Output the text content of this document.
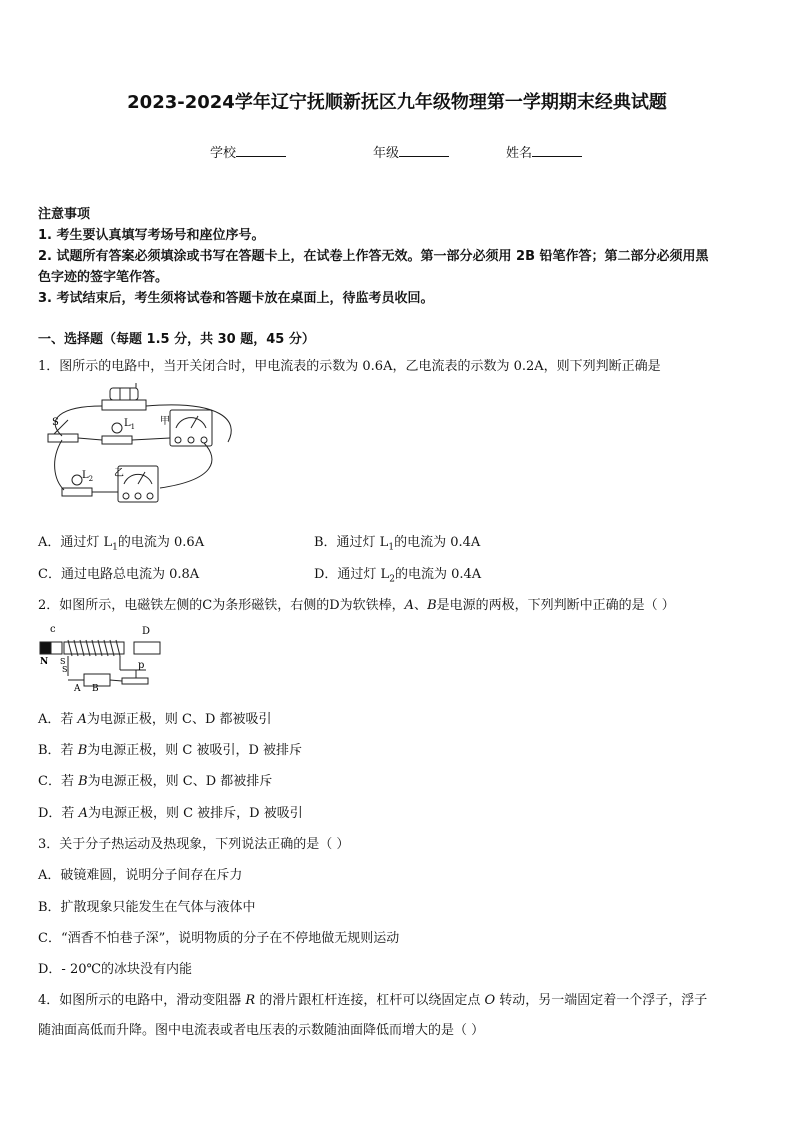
2023-2024学年辽宁抚顺新抚区九年级物理第一学期期末经典试题
学校	年级	姓名
注意事项
1. 考生要认真填写考场号和座位序号。
2. 试题所有答案必须填涂或书写在答题卡上，在试卷上作答无效。第一部分必须用 2B 铅笔作答；第二部分必须用黑
色字迹的签字笔作答。
3. 考试结束后，考生须将试卷和答题卡放在桌面上，待监考员收回。
一、选择题（每题 1.5 分，共 30 题，45 分）
1．图所示的电路中，当开关闭合时，甲电流表的示数为 0.6A，乙电流表的示数为 0.2A，则下列判断正确是
S	$L_1$
$L_2$
甲
乙
A．通过灯 $L_1$的电流为 0.6A	B．通过灯 $L_1$的电流为 0.4A
C．通过电路总电流为 0.8A	D．通过灯 $L_2$的电流为 0.4A
2．如图所示，电磁铁左侧的C为条形磁铁，右侧的D为软铁棒，A、B是电源的两极，下列判断中正确的是（ ）
c	D
N S
S	p
A B
A．若 A为电源正极，则 C、D 都被吸引
B．若 B为电源正极，则 C 被吸引，D 被排斥
C．若 B为电源正极，则 C、D 都被排斥
D．若 A为电源正极，则 C 被排斥，D 被吸引
3．关于分子热运动及热现象，下列说法正确的是（ ）
A．破镜难圆，说明分子间存在斥力
B．扩散现象只能发生在气体与液体中
C．“酒香不怕巷子深”，说明物质的分子在不停地做无规则运动
D．- 20℃的冰块没有内能
4．如图所示的电路中，滑动变阻器 R 的滑片跟杠杆连接，杠杆可以绕固定点 O 转动，另一端固定着一个浮子，浮子
随油面高低而升降。图中电流表或者电压表的示数随油面降低而增大的是（ ）
